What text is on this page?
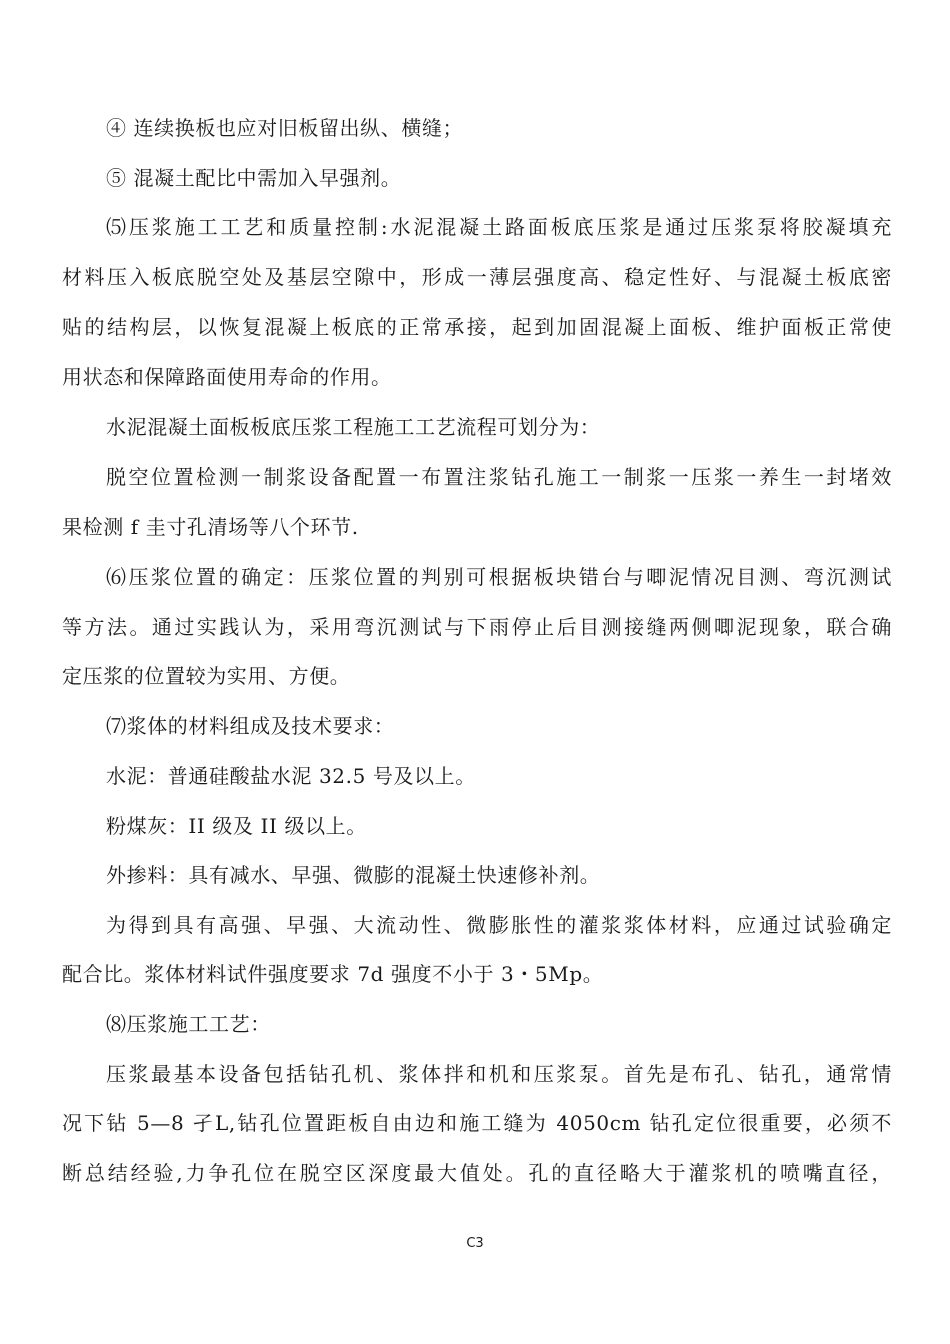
④ 连续换板也应对旧板留出纵、横缝；
⑤ 混凝土配比中需加入早强剂。
⑸压浆施工工艺和质量控制:水泥混凝土路面板底压浆是通过压浆泵将胶凝填充
材料压入板底脱空处及基层空隙中，形成一薄层强度高、稳定性好、与混凝土板底密
贴的结构层，以恢复混凝上板底的正常承接，起到加固混凝上面板、维护面板正常使
用状态和保障路面使用寿命的作用。
水泥混凝土面板板底压浆工程施工工艺流程可划分为：
脱空位置检测一制浆设备配置一布置注浆钻孔施工一制浆一压浆一养生一封堵效
果检测 f 圭寸孔清场等八个环节.
⑹压浆位置的确定：压浆位置的判别可根据板块错台与唧泥情况目测、弯沉测试
等方法。通过实践认为，采用弯沉测试与下雨停止后目测接缝两侧唧泥现象，联合确
定压浆的位置较为实用、方便。
⑺浆体的材料组成及技术要求：
水泥：普通硅酸盐水泥 32.5 号及以上。
粉煤灰：II 级及 II 级以上。
外掺料：具有减水、早强、微膨的混凝土快速修补剂。
为得到具有高强、早强、大流动性、微膨胀性的灌浆浆体材料，应通过试验确定
配合比。浆体材料试件强度要求 7d 强度不小于 3・5Mp。
⑻压浆施工工艺：
压浆最基本设备包括钻孔机、浆体拌和机和压浆泵。首先是布孔、钻孔，通常情
况下钻 5—8 孑L,钻孔位置距板自由边和施工缝为 4050cm 钻孔定位很重要，必须不
断总结经验,力争孔位在脱空区深度最大值处。孔的直径略大于灌浆机的喷嘴直径，
C3
